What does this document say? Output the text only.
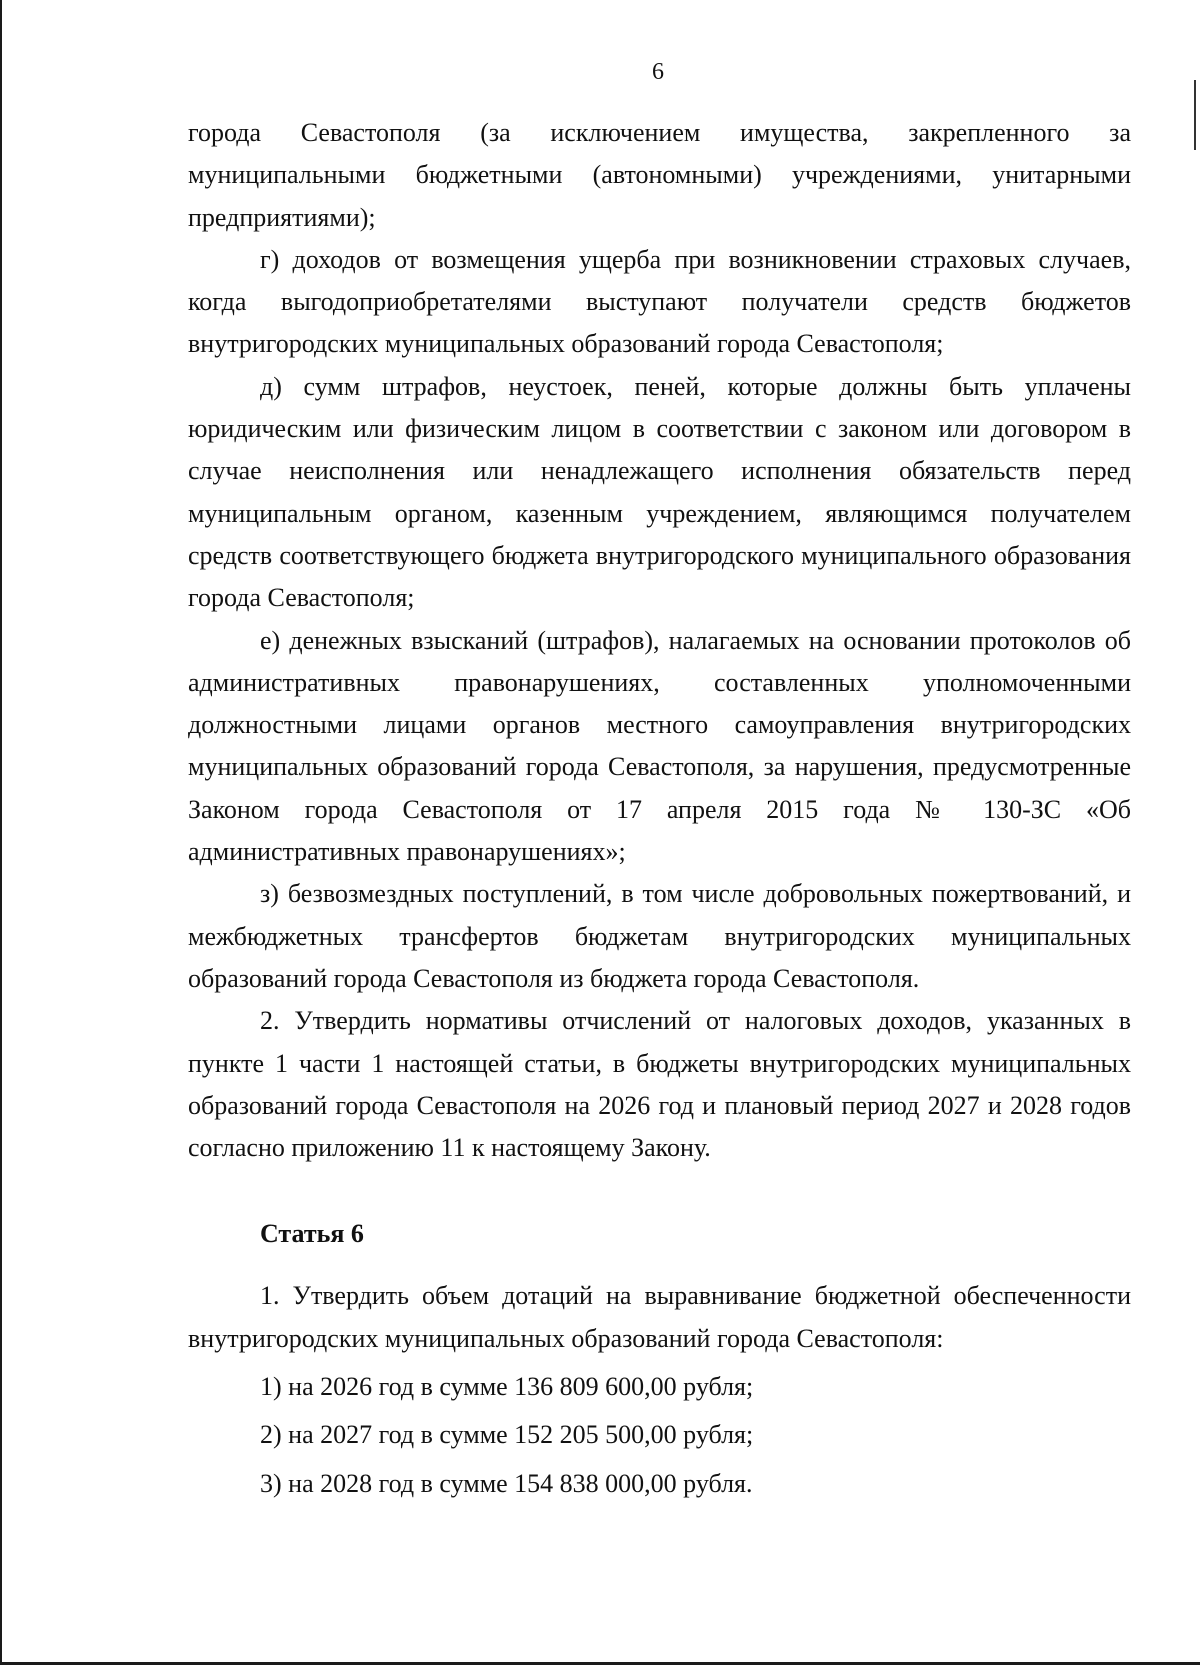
6

города Севастополя (за исключением имущества, закрепленного за муниципальными бюджетными (автономными) учреждениями, унитарными предприятиями);

г) доходов от возмещения ущерба при возникновении страховых случаев, когда выгодоприобретателями выступают получатели средств бюджетов внутригородских муниципальных образований города Севастополя;

д) сумм штрафов, неустоек, пеней, которые должны быть уплачены юридическим или физическим лицом в соответствии с законом или договором в случае неисполнения или ненадлежащего исполнения обязательств перед муниципальным органом, казенным учреждением, являющимся получателем средств соответствующего бюджета внутригородского муниципального образования города Севастополя;

е) денежных взысканий (штрафов), налагаемых на основании протоколов об административных правонарушениях, составленных уполномоченными должностными лицами органов местного самоуправления внутригородских муниципальных образований города Севастополя, за нарушения, предусмотренные Законом города Севастополя от 17 апреля 2015 года № 130-ЗС «Об административных правонарушениях»;

з) безвозмездных поступлений, в том числе добровольных пожертвований, и межбюджетных трансфертов бюджетам внутригородских муниципальных образований города Севастополя из бюджета города Севастополя.

2. Утвердить нормативы отчислений от налоговых доходов, указанных в пункте 1 части 1 настоящей статьи, в бюджеты внутригородских муниципальных образований города Севастополя на 2026 год и плановый период 2027 и 2028 годов согласно приложению 11 к настоящему Закону.

Статья 6

1. Утвердить объем дотаций на выравнивание бюджетной обеспеченности внутригородских муниципальных образований города Севастополя:

1) на 2026 год в сумме 136 809 600,00 рубля;

2) на 2027 год в сумме 152 205 500,00 рубля;

3) на 2028 год в сумме 154 838 000,00 рубля.
